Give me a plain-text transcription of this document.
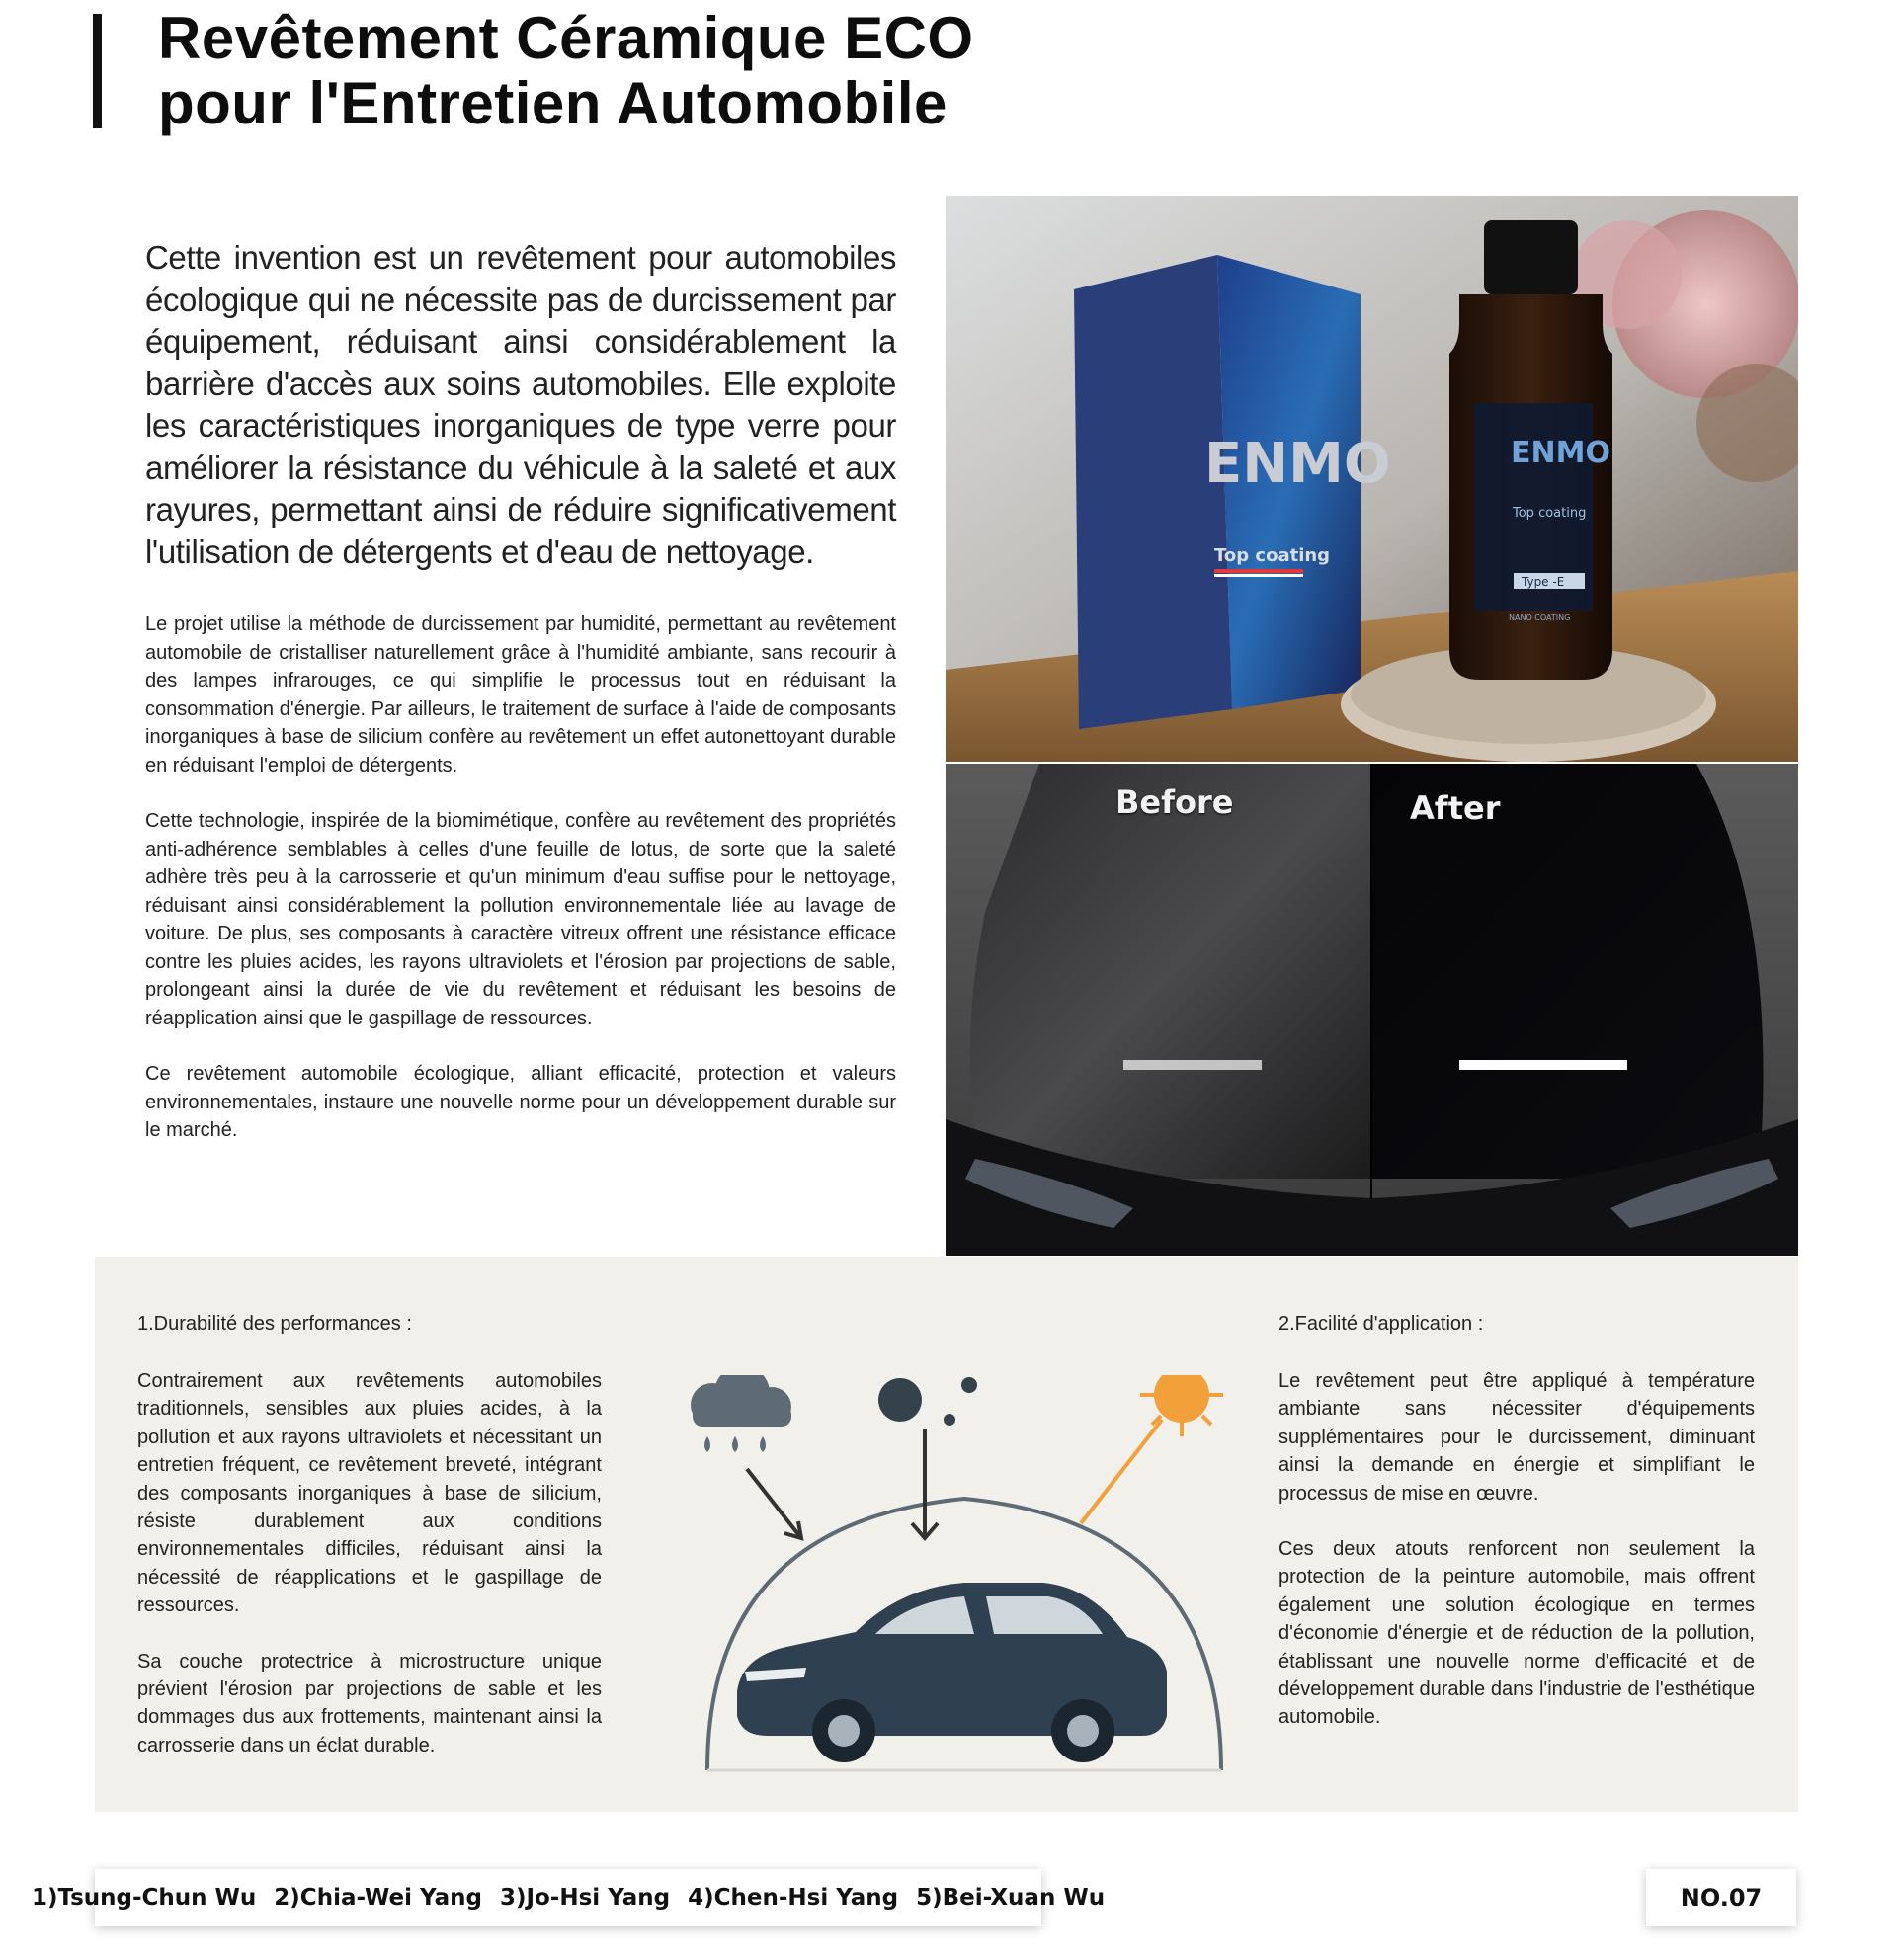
Revêtement Céramique ECO
pour l'Entretien Automobile

Cette invention est un revêtement pour automobiles écologique qui ne nécessite pas de durcissement par équipement, réduisant ainsi considérablement la barrière d'accès aux soins automobiles. Elle exploite les caractéristiques inorganiques de type verre pour améliorer la résistance du véhicule à la saleté et aux rayures, permettant ainsi de réduire significativement l'utilisation de détergents et d'eau de nettoyage.

Le projet utilise la méthode de durcissement par humidité, permettant au revêtement automobile de cristalliser naturellement grâce à l'humidité ambiante, sans recourir à des lampes infrarouges, ce qui simplifie le processus tout en réduisant la consommation d'énergie. Par ailleurs, le traitement de surface à l'aide de composants inorganiques à base de silicium confère au revêtement un effet autonettoyant durable en réduisant l'emploi de détergents.

Cette technologie, inspirée de la biomimétique, confère au revêtement des propriétés anti-adhérence semblables à celles d'une feuille de lotus, de sorte que la saleté adhère très peu à la carrosserie et qu'un minimum d'eau suffise pour le nettoyage, réduisant ainsi considérablement la pollution environnementale liée au lavage de voiture. De plus, ses composants à caractère vitreux offrent une résistance efficace contre les pluies acides, les rayons ultraviolets et l'érosion par projections de sable, prolongeant ainsi la durée de vie du revêtement et réduisant les besoins de réapplication ainsi que le gaspillage de ressources.

Ce revêtement automobile écologique, alliant efficacité, protection et valeurs environnementales, instaure une nouvelle norme pour un développement durable sur le marché.

ENMO
Top coating
ENMO
Top coating
Type -E
NANO COATING
Before	After
1.Durabilité des performances :

Contrairement aux revêtements automobiles traditionnels, sensibles aux pluies acides, à la pollution et aux rayons ultraviolets et nécessitant un entretien fréquent, ce revêtement breveté, intégrant des composants inorganiques à base de silicium, résiste durablement aux conditions environnementales difficiles, réduisant ainsi la nécessité de réapplications et le gaspillage de ressources.

Sa couche protectrice à microstructure unique prévient l'érosion par projections de sable et les dommages dus aux frottements, maintenant ainsi la carrosserie dans un éclat durable.

2.Facilité d'application :

Le revêtement peut être appliqué à température ambiante sans nécessiter d'équipements supplémentaires pour le durcissement, diminuant ainsi la demande en énergie et simplifiant le processus de mise en œuvre.

Ces deux atouts renforcent non seulement la protection de la peinture automobile, mais offrent également une solution écologique en termes d'économie d'énergie et de réduction de la pollution, établissant une nouvelle norme d'efficacité et de développement durable dans l'industrie de l'esthétique automobile.

1)Tsung-Chun Wu 2)Chia-Wei Yang 3)Jo-Hsi Yang 4)Chen-Hsi Yang 5)Bei-Xuan Wu	NO.07
